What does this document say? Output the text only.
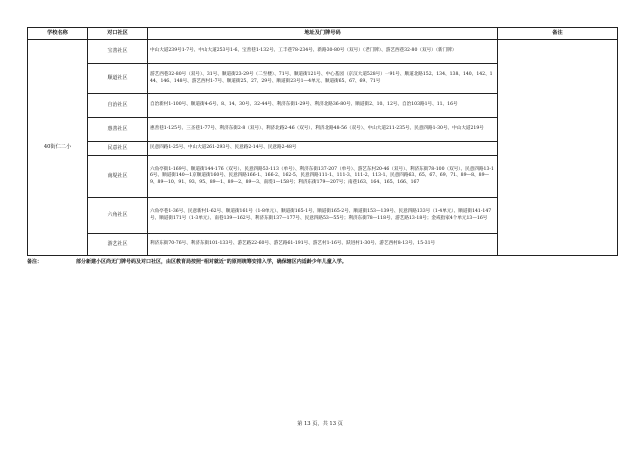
学校名称	对口社区	地址及门牌号码	备注
40街仁二小	宝善社区	中山大道239号1-7号、中山大道253号1-6、宝善巷1-132号、工丰巷78-234号、新路30-80号（双号）（老门牌）、游艺西巷32-80（双号）（新门牌）	
	顺道社区	游艺西巷32-80号（双号）、31号、顺道街23-29号（二至楼）、71号、顺道街121号、中心基园（京汉大道528号）一91号、顺道北路152、134、138、140、142、144、146、148号、游艺西村1-7号、顺道街25、27、29号、顺道街23号1—4单元、顺道街65、67、69、71号	
	自治社区	自治新村1-100号、顺道街4-6号、8、14、30号、32-44号、利济东街1-29号、利济北路36-80号、顺道街2、10、12号、自治103路1号、11、16号	
	惠善社区	惠善巷1-125号、三圣巷1-77号、利济东街2-8（双号）、利济北路2-46（双号）、利济北路48-56（双号）、中山大道211-235号、民意四路1-30号、中山大道219号	
	民意社区	民意四路1-25号、中山大道261-293号、民意路2-14号、民意路2-48号	
	南堤社区	六角亭街1-169号、顺道街144-176（双号）、民意四路53-113（单号）、利济东街137-207（单号）、游艺东村20-46（双号）、利济东街78-100（双号）、民意四路13-16号、顺道街140—1京顺道街160号、民意四路166-1、166-2、162-5、民意四路111-1、111-3、111-2、113-1、民意四路63、65、67、69、71、89—8、89—9、89—10、91、93、95、89—1、89—2、89—3、南堤1—158号；利济东街179—207号；南巷163、164、165、166、167	
	六角社区	六角亭巷1-36号、民意新村1-62号、顺道街161号（1-8单元）、顺道街165-1号、顺道街165-2号、顺道街153—139号、民意四路133号（1-4单元）、顺道街141-147号、顺道街171号（1-3单元）、南巷139—162号、利济东街137—177号、民意四路53—55号；利济东街78—118号、游艺路13-18号；金戒指家4个单元13—16号	
	游艺社区	利济东街70-76号、利济东街101-133号、游艺路22-60号、游艺路61-191号、游艺村1-16号、跃进村1-30号、游艺西村8-13号、15-31号	
备注：	部分新建小区尚无门牌号码及对口社区，由区教育局按照“相对就近”的原则统筹安排入学，确保辖区内适龄少年儿童入学。
第 13 页，共 13 页
